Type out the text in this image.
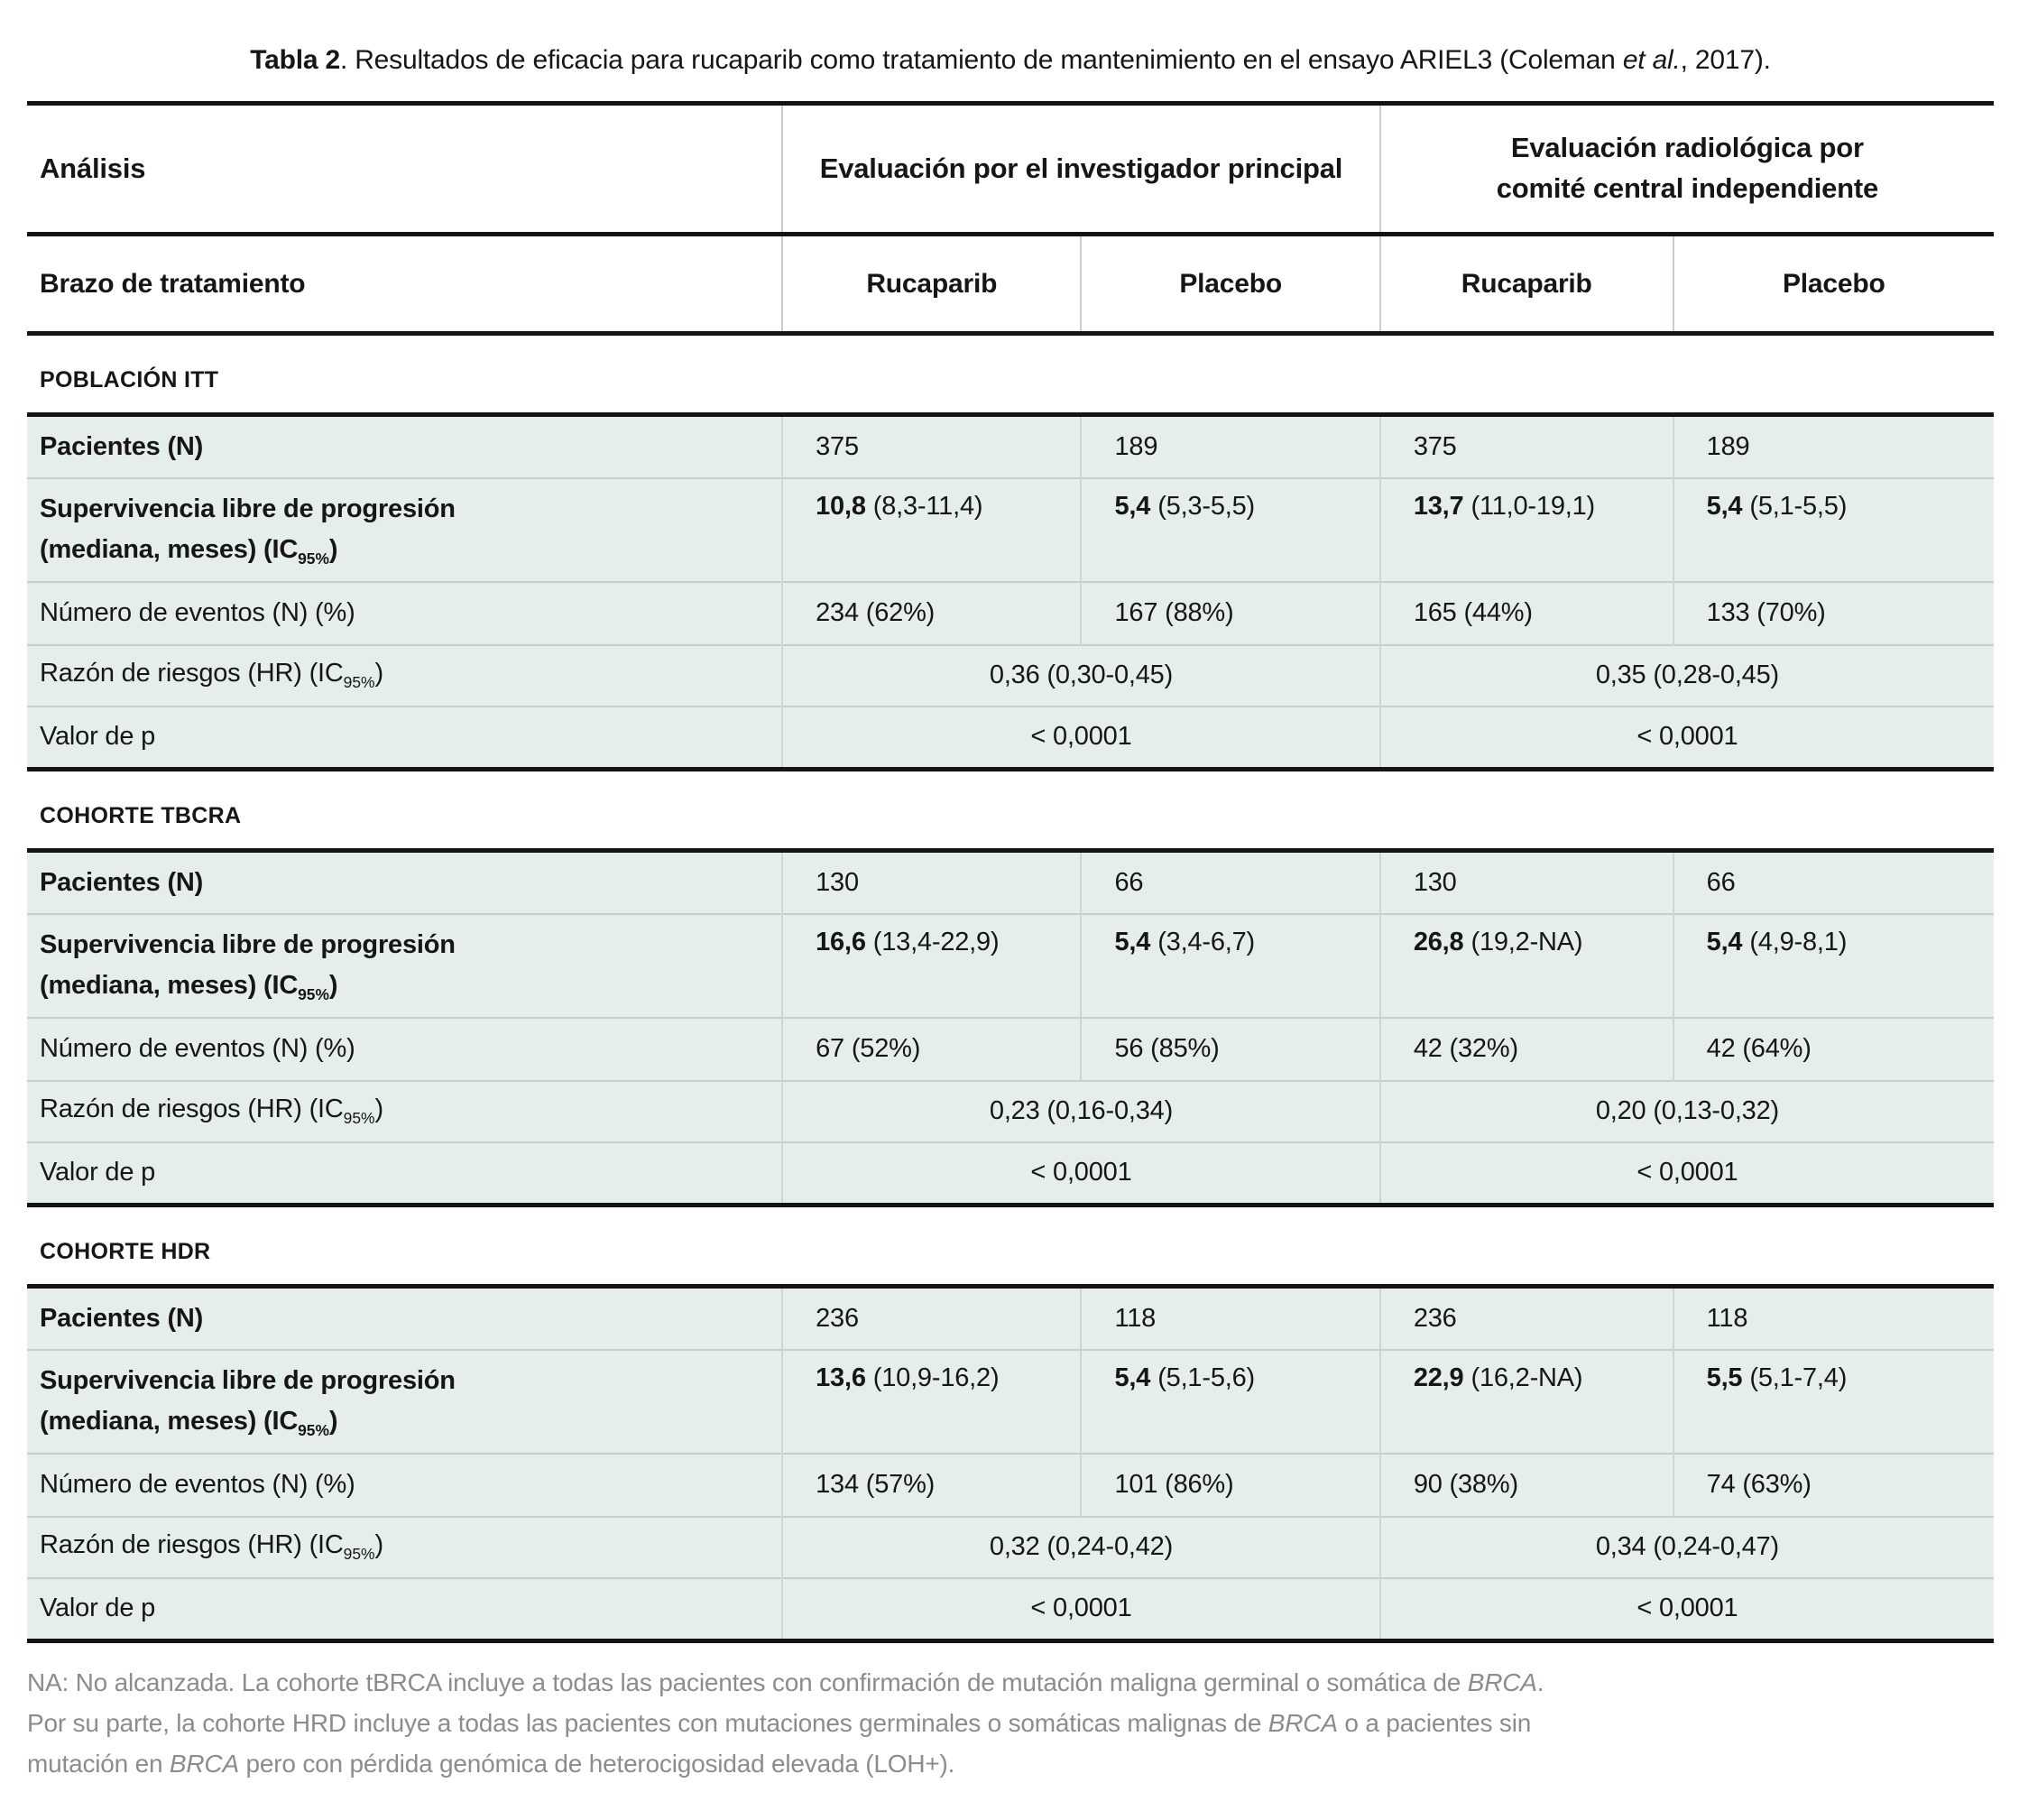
Tabla 2. Resultados de eficacia para rucaparib como tratamiento de mantenimiento en el ensayo ARIEL3 (Coleman et al., 2017).

Análisis	Evaluación por el investigador principal		Evaluación radiológica por comité central independiente	
Brazo de tratamiento	Rucaparib	Placebo	Rucaparib	Placebo
POBLACIÓN ITT				
Pacientes (N)	375	189	375	189
Supervivencia libre de progresión
(mediana, meses) $(IC_{95\%})$	10,8 (8,3-11,4)	5,4 (5,3-5,5)	13,7 (11,0-19,1)	5,4 (5,1-5,5)
Número de eventos (N) (%)	234 (62%)	167 (88%)	165 (44%)	133 (70%)
Razón de riesgos (HR) $(IC_{95\%})$	0,36 (0,30-0,45)		0,35 (0,28-0,45)	
Valor de p	< 0,0001		< 0,0001	
COHORTE TBCRA				
Pacientes (N)	130	66	130	66
Supervivencia libre de progresión
(mediana, meses) $(IC_{95\%})$	16,6 (13,4-22,9)	5,4 (3,4-6,7)	26,8 (19,2-NA)	5,4 (4,9-8,1)
Número de eventos (N) (%)	67 (52%)	56 (85%)	42 (32%)	42 (64%)
Razón de riesgos (HR) $(IC_{95\%})$	0,23 (0,16-0,34)		0,20 (0,13-0,32)	
Valor de p	< 0,0001		< 0,0001	
COHORTE HDR				
Pacientes (N)	236	118	236	118
Supervivencia libre de progresión
(mediana, meses) $(IC_{95\%})$	13,6 (10,9-16,2)	5,4 (5,1-5,6)	22,9 (16,2-NA)	5,5 (5,1-7,4)
Número de eventos (N) (%)	134 (57%)	101 (86%)	90 (38%)	74 (63%)
Razón de riesgos (HR) $(IC_{95\%})$	0,32 (0,24-0,42)		0,34 (0,24-0,47)	
Valor de p	< 0,0001		< 0,0001	
NA: No alcanzada. La cohorte tBRCA incluye a todas las pacientes con confirmación de mutación maligna germinal o somática de BRCA.
Por su parte, la cohorte HRD incluye a todas las pacientes con mutaciones germinales o somáticas malignas de BRCA o a pacientes sin
mutación en BRCA pero con pérdida genómica de heterocigosidad elevada (LOH+).
